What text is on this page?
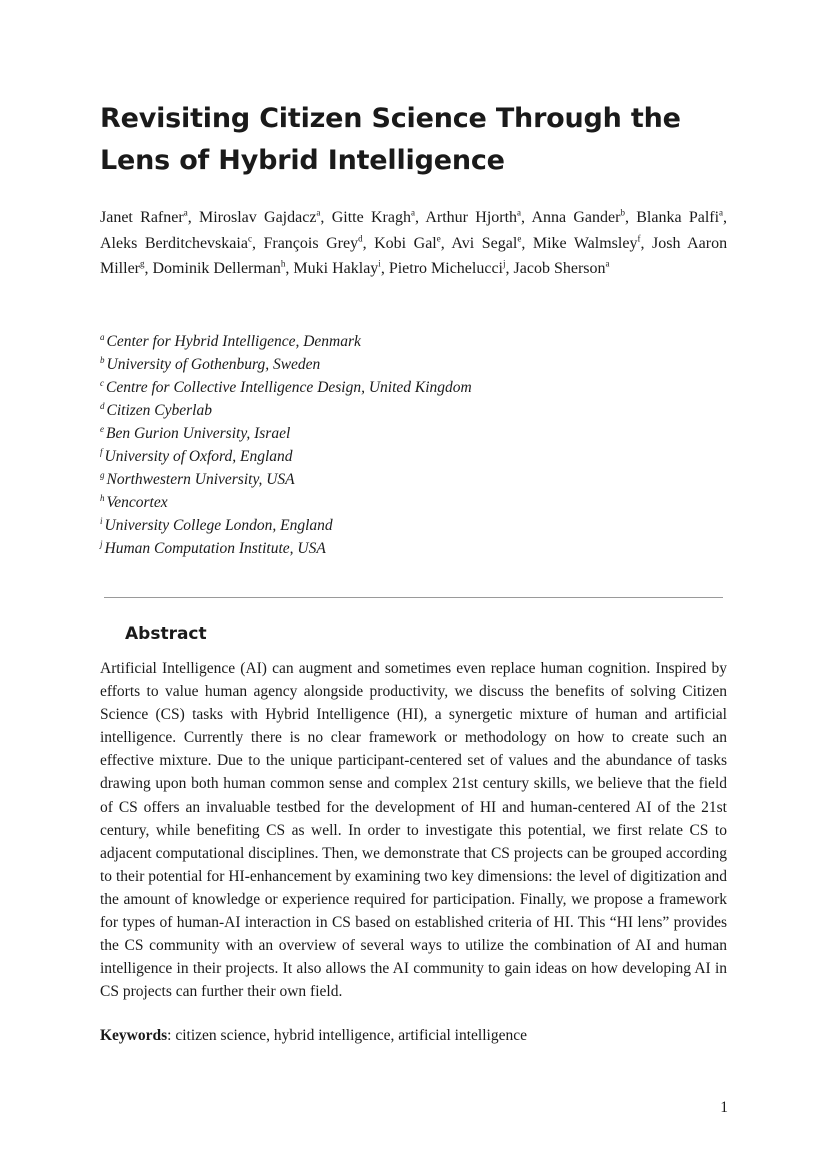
Revisiting Citizen Science Through the Lens of Hybrid Intelligence

Janet Rafner$^a$, Miroslav Gajdacz$^a$, Gitte Kragh$^a$, Arthur Hjorth$^a$, Anna Gander$^b$, Blanka Palfi$^a$, Aleks Berditchevskaia$^c$, François Grey$^d$, Kobi Gal$^e$, Avi Segal$^e$, Mike Walmsley$^f$, Josh Aaron Miller$^g$, Dominik Dellerman$^h$, Muki Haklay$^i$, Pietro Michelucci$^j$, Jacob Sherson$^a$

$^a$ Center for Hybrid Intelligence, Denmark
$^b$ University of Gothenburg, Sweden
$^c$ Centre for Collective Intelligence Design, United Kingdom
$^d$ Citizen Cyberlab
$^e$ Ben Gurion University, Israel
$^f$ University of Oxford, England
$^g$ Northwestern University, USA
$^h$ Vencortex
$^i$ University College London, England
$^j$ Human Computation Institute, USA
Abstract

Artificial Intelligence (AI) can augment and sometimes even replace human cognition. Inspired by efforts to value human agency alongside productivity, we discuss the benefits of solving Citizen Science (CS) tasks with Hybrid Intelligence (HI), a synergetic mixture of human and artificial intelligence. Currently there is no clear framework or methodology on how to create such an effective mixture. Due to the unique participant-centered set of values and the abundance of tasks drawing upon both human common sense and complex 21st century skills, we believe that the field of CS offers an invaluable testbed for the development of HI and human-centered AI of the 21st century, while benefiting CS as well. In order to investigate this potential, we first relate CS to adjacent computational disciplines. Then, we demonstrate that CS projects can be grouped according to their potential for HI-enhancement by examining two key dimensions: the level of digitization and the amount of knowledge or experience required for participation. Finally, we propose a framework for types of human-AI interaction in CS based on established criteria of HI. This “HI lens” provides the CS community with an overview of several ways to utilize the combination of AI and human intelligence in their projects. It also allows the AI community to gain ideas on how developing AI in CS projects can further their own field.

Keywords: citizen science, hybrid intelligence, artificial intelligence

1
